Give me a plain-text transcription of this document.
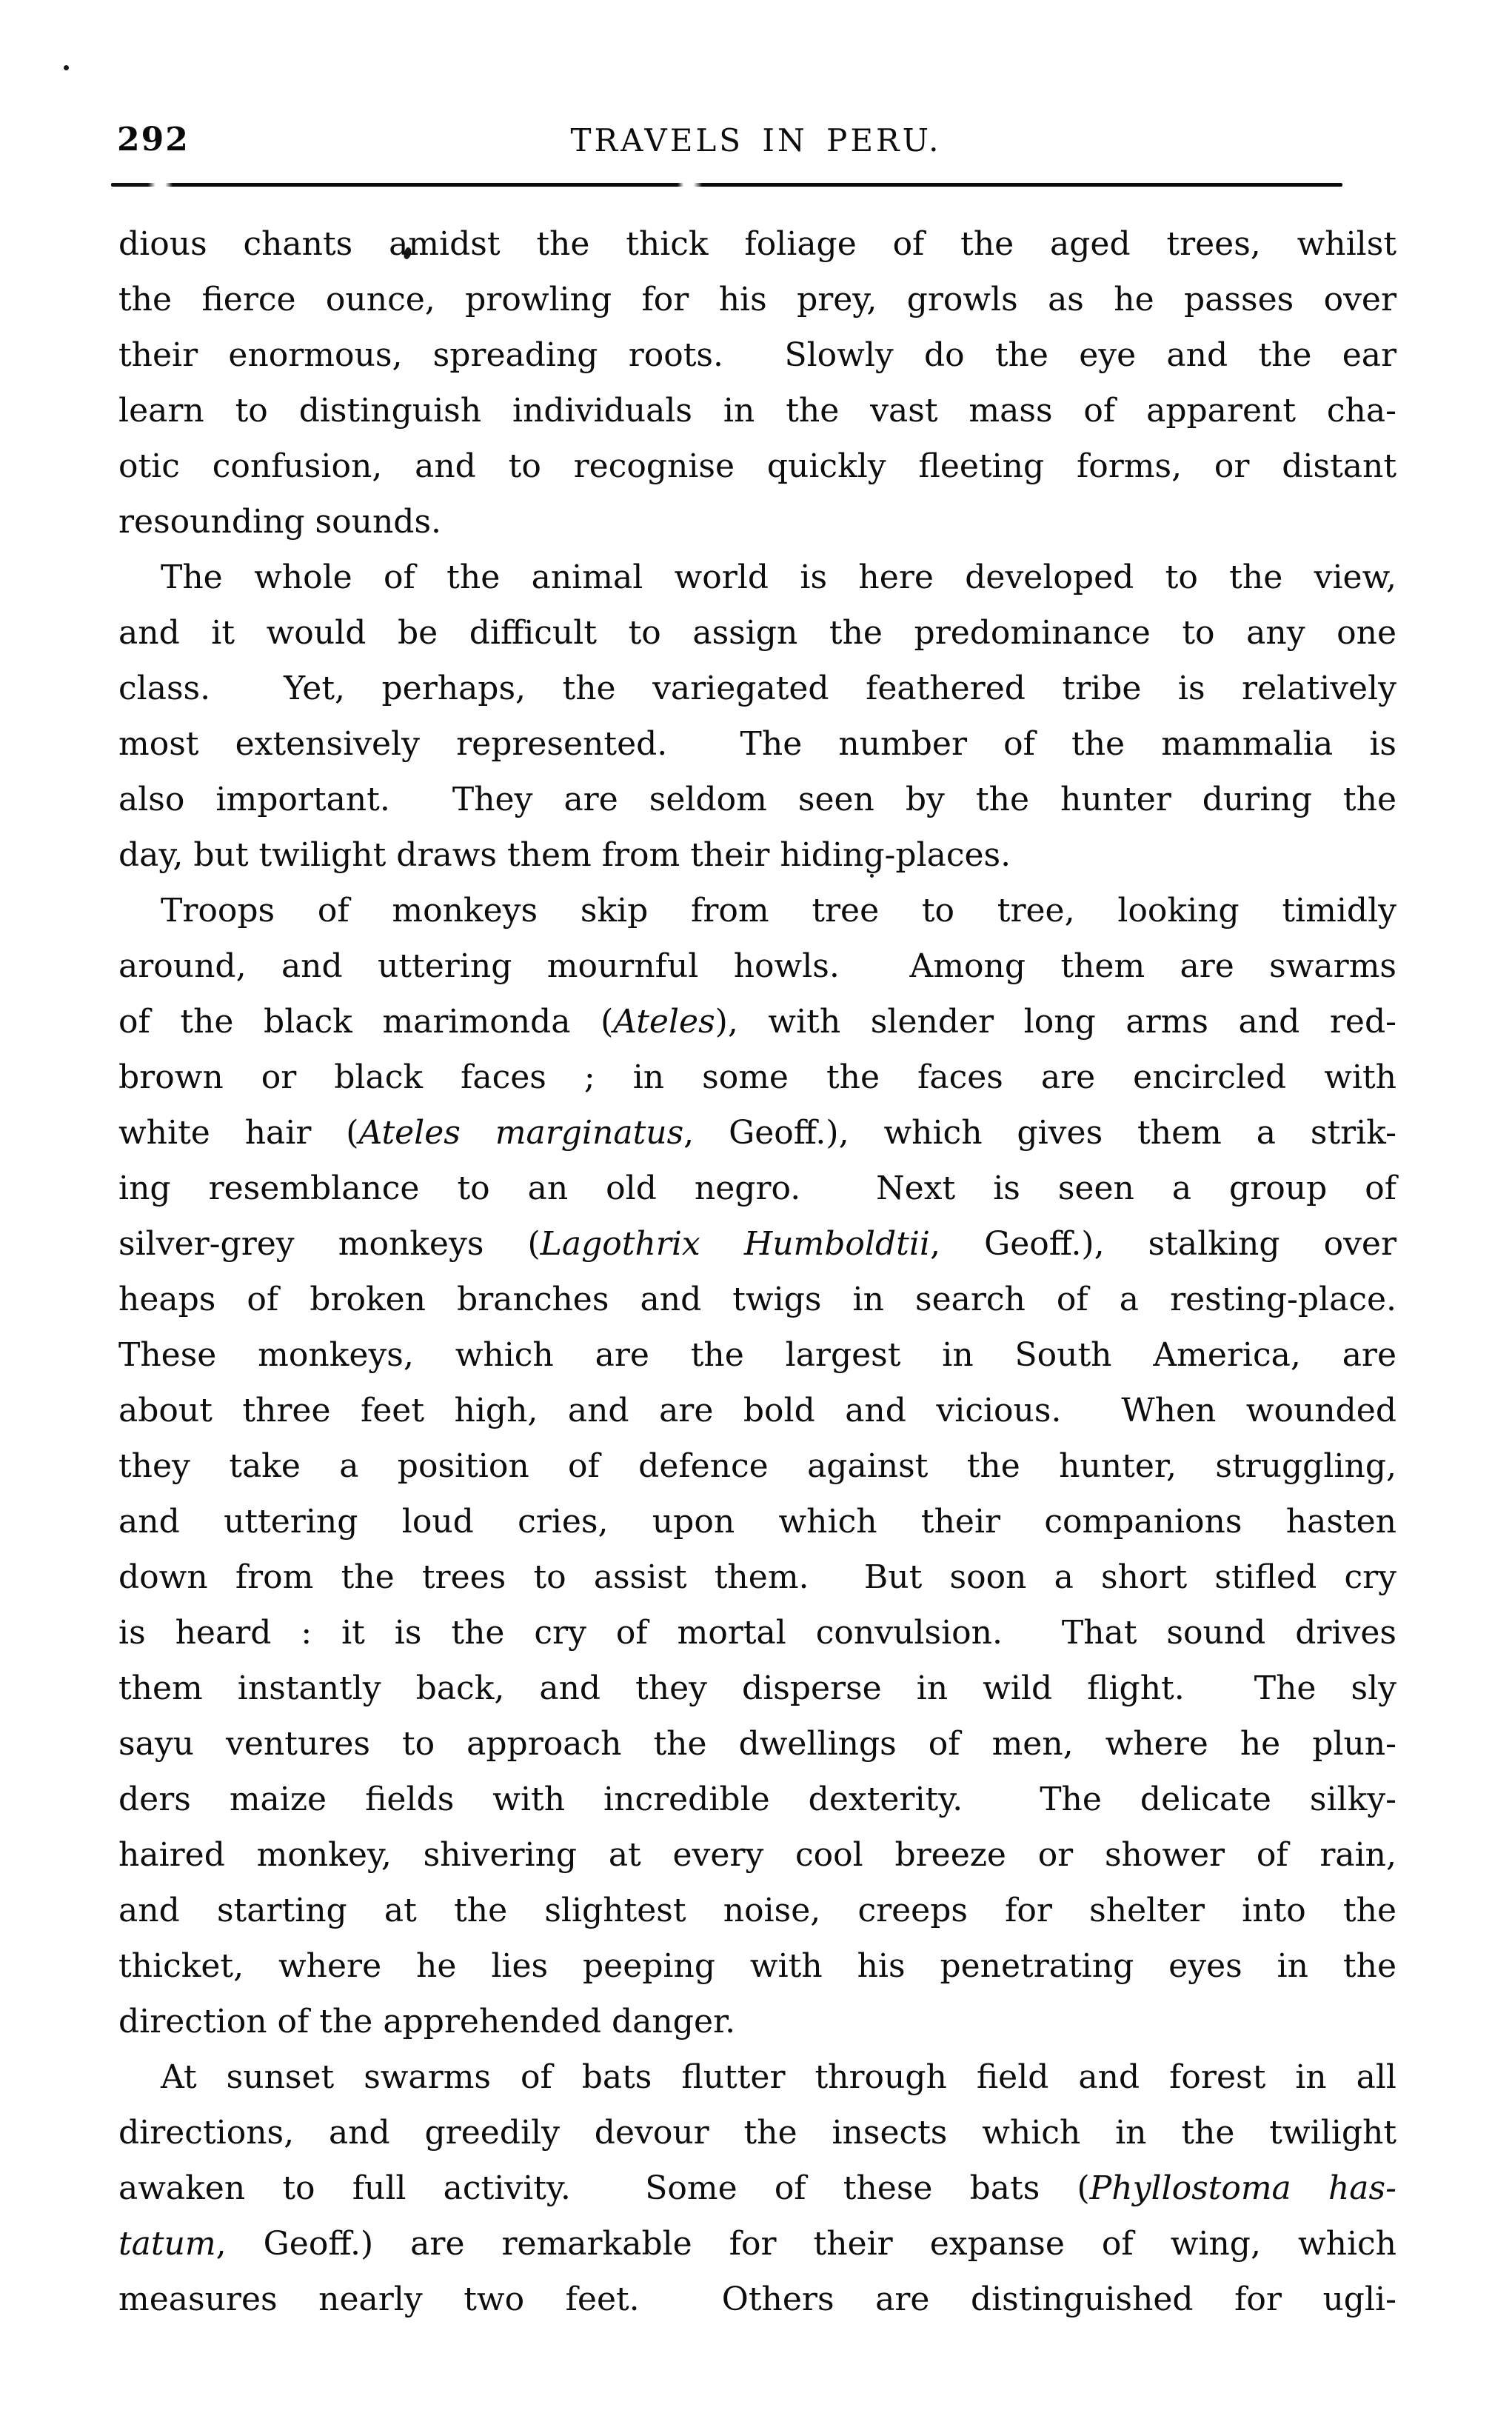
292	TRAVELS IN PERU.
dious chants amidst the thick foliage of the aged trees, whilst
the fierce ounce, prowling for his prey, growls as he passes over
their enormous, spreading roots.  Slowly do the eye and the ear
learn to distinguish individuals in the vast mass of apparent cha-
otic confusion, and to recognise quickly fleeting forms, or distant
resounding sounds.
The whole of the animal world is here developed to the view,
and it would be difficult to assign the predominance to any one
class.  Yet, perhaps, the variegated feathered tribe is relatively
most extensively represented.  The number of the mammalia is
also important.  They are seldom seen by the hunter during the
day, but twilight draws them from their hiding-places.
Troops of monkeys skip from tree to tree, looking timidly
around, and uttering mournful howls.  Among them are swarms
of the black marimonda (Ateles), with slender long arms and red-
brown or black faces ; in some the faces are encircled with
white hair (Ateles marginatus, Geoff.), which gives them a strik-
ing resemblance to an old negro.  Next is seen a group of
silver-grey monkeys (Lagothrix Humboldtii, Geoff.), stalking over
heaps of broken branches and twigs in search of a resting-place.
These monkeys, which are the largest in South America, are
about three feet high, and are bold and vicious.  When wounded
they take a position of defence against the hunter, struggling,
and uttering loud cries, upon which their companions hasten
down from the trees to assist them.  But soon a short stifled cry
is heard : it is the cry of mortal convulsion.  That sound drives
them instantly back, and they disperse in wild flight.  The sly
sayu ventures to approach the dwellings of men, where he plun-
ders maize fields with incredible dexterity.  The delicate silky-
haired monkey, shivering at every cool breeze or shower of rain,
and starting at the slightest noise, creeps for shelter into the
thicket, where he lies peeping with his penetrating eyes in the
direction of the apprehended danger.
At sunset swarms of bats flutter through field and forest in all
directions, and greedily devour the insects which in the twilight
awaken to full activity.  Some of these bats (Phyllostoma has-
tatum, Geoff.) are remarkable for their expanse of wing, which
measures nearly two feet.  Others are distinguished for ugli-
